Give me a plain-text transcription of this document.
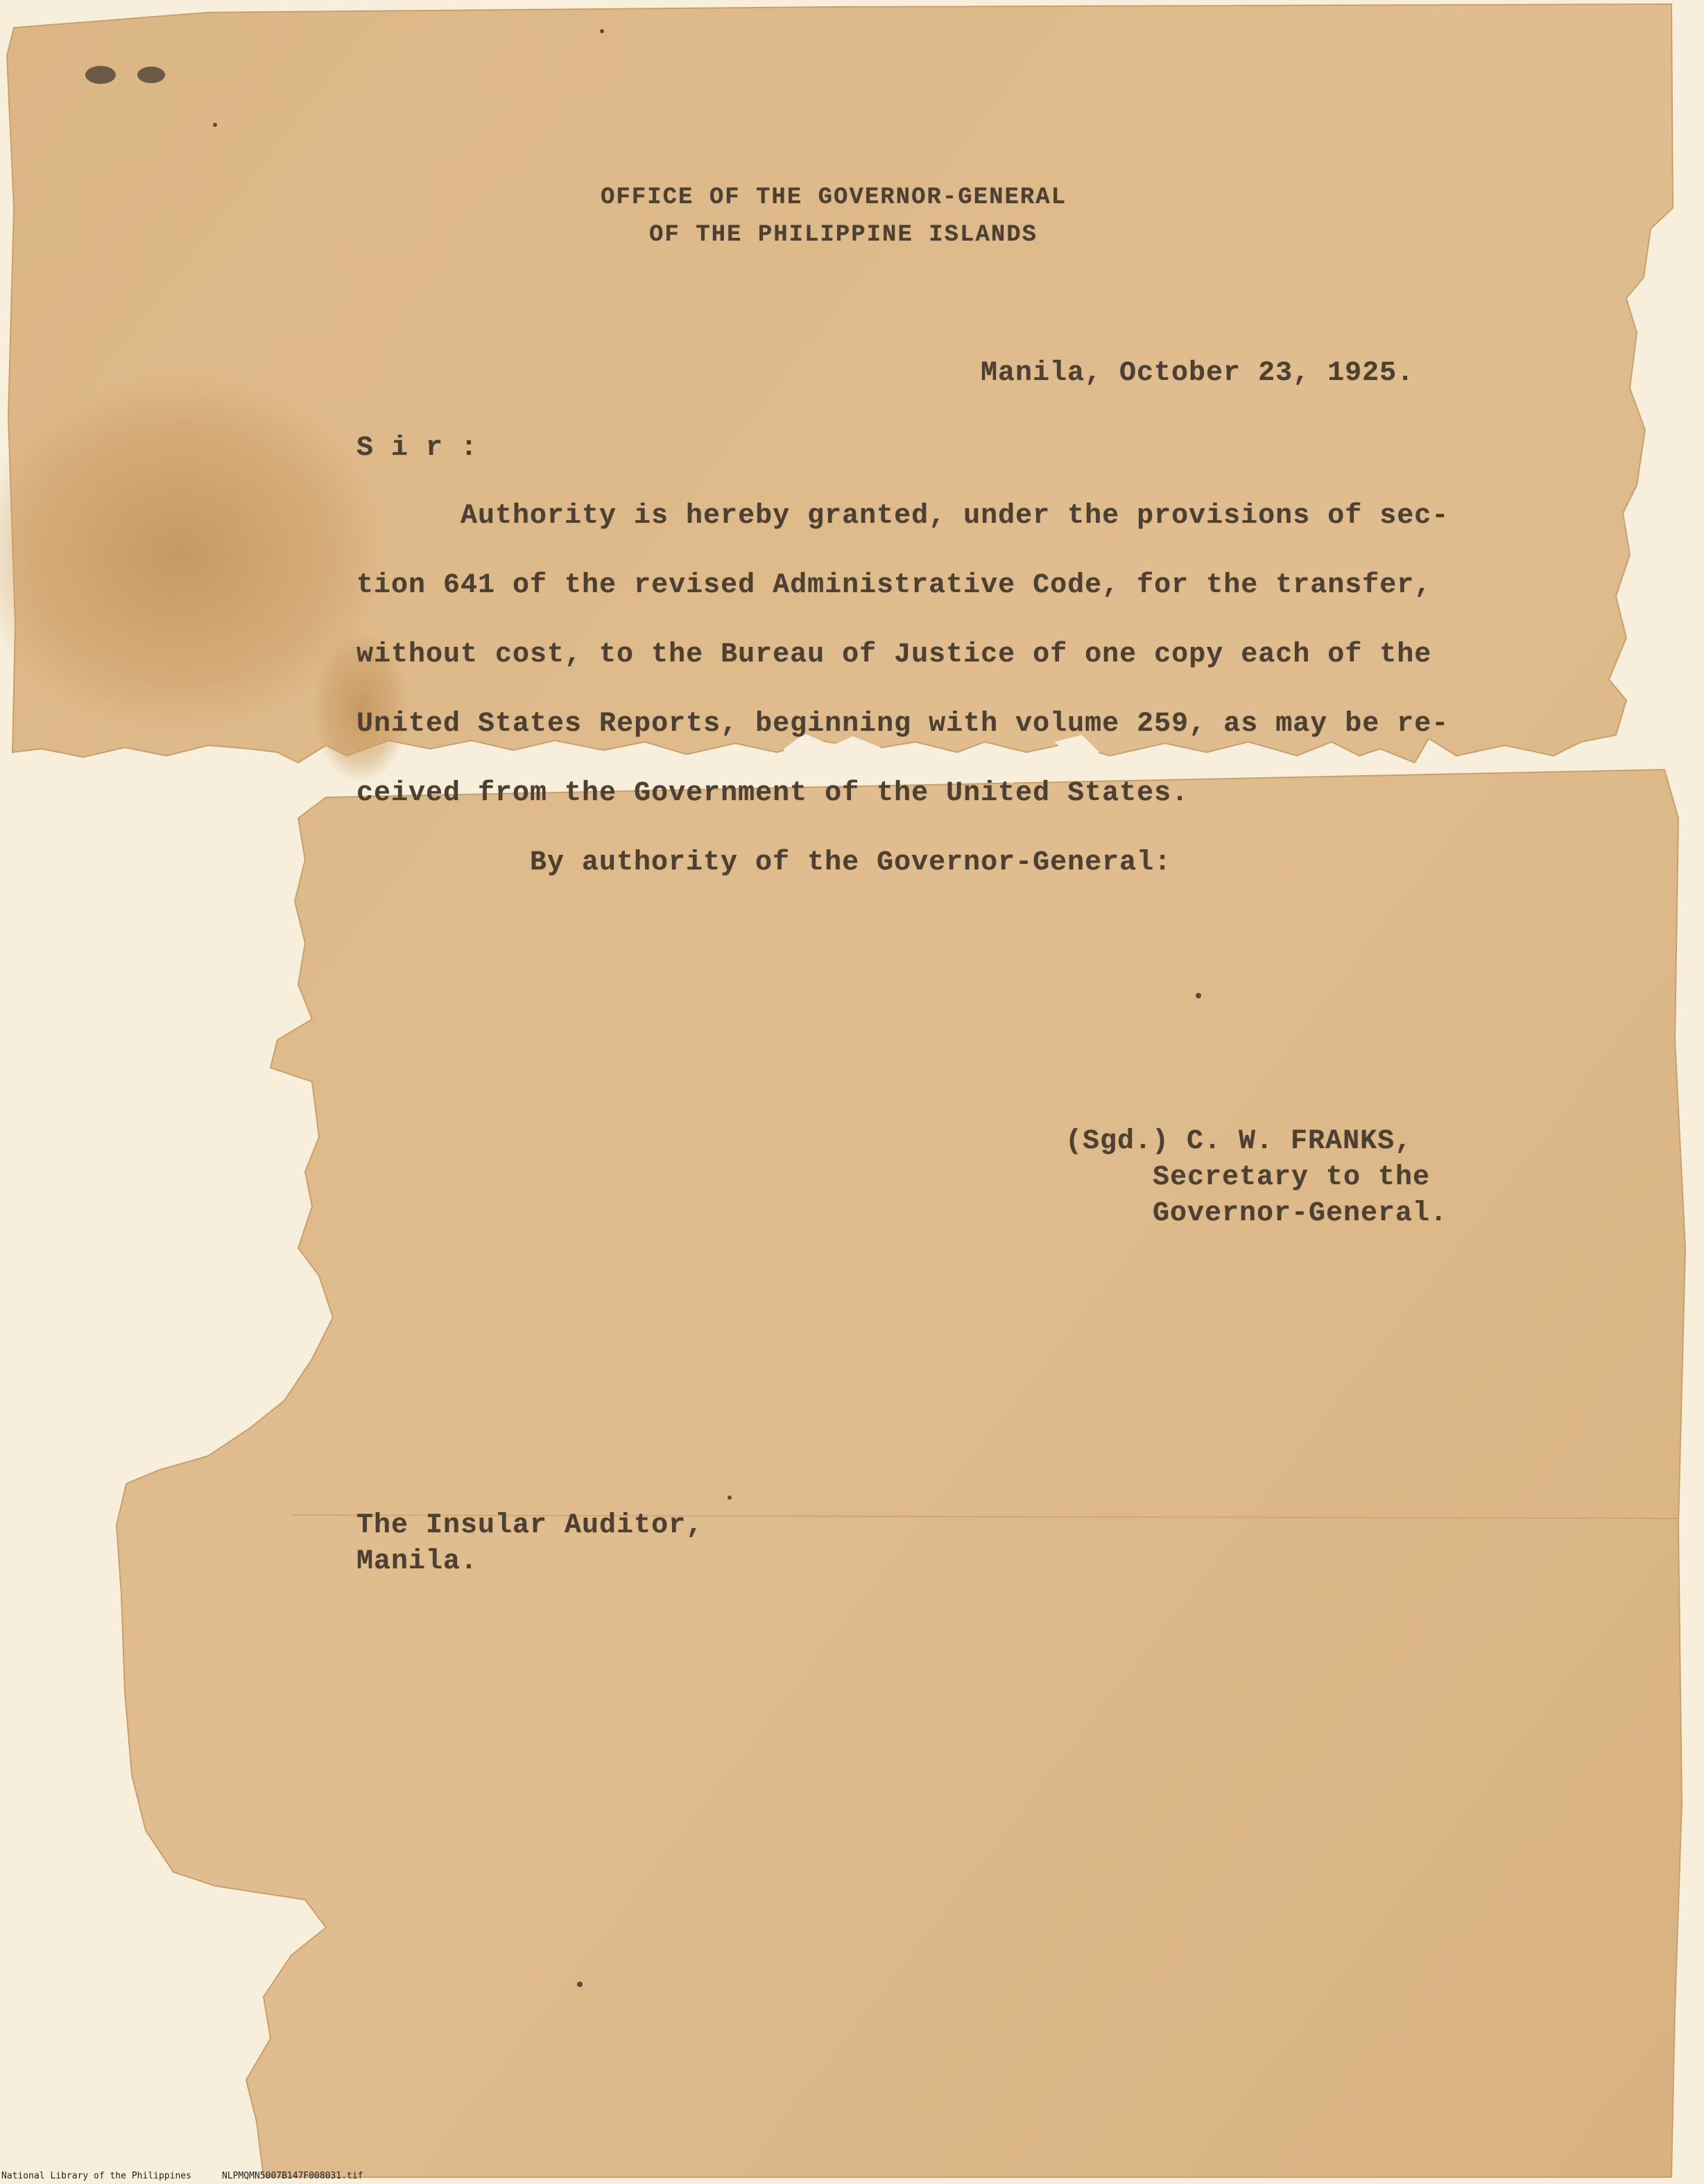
OFFICE OF THE GOVERNOR-GENERAL
OF THE PHILIPPINE ISLANDS
Manila, October 23, 1925.
S i r :
Authority is hereby granted, under the provisions of sec-
tion 641 of the revised Administrative Code, for the transfer,
without cost, to the Bureau of Justice of one copy each of the
United States Reports, beginning with volume 259, as may be re-
ceived from the Government of the United States.
By authority of the Governor-General:
(Sgd.) C. W. FRANKS,
Secretary to the
Governor-General.
The Insular Auditor,
Manila.
National Library of the Philippines	NLPMQMN5007B147F008031.tif
